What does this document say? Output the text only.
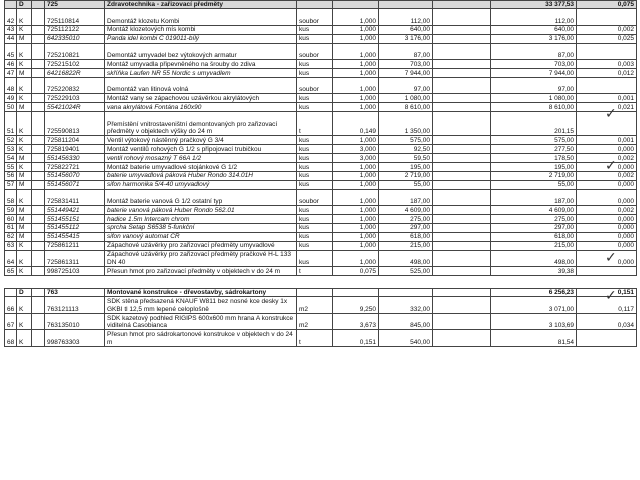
	D		725	Zdravotechnika - zařizovací předměty					33 377,53	0,075
42	K		725110814	Demontáž klozetu Kombi	soubor	1,000	112,00		112,00	
43	K		725112122	Montáž klozetových mís kombi	kus	1,000	640,00		640,00	0,002
44	M		642335010	Panda ideI kombi C 019011-bílý	kus	1,000	3 176,00		3 176,00	0,025
45	K		725210821	Demontáž umyvadel bez výtokových armatur	soubor	1,000	87,00		87,00	
46	K		725215102	Montáž umyvadla připevněného na šrouby do zdiva	kus	1,000	703,00		703,00	0,003
47	M		64216822R	skříňka Laufen NR 55 Nordic s umyvadlem	kus	1,000	7 944,00		7 944,00	0,012
48	K		725220832	Demontáž van litinová volná	soubor	1,000	97,00		97,00	
49	K		725229103	Montáž vany se zápachovou uzávěrkou akrylátových	kus	1,000	1 080,00		1 080,00	0,001
50	M		55421024R	vana akrylátová Fontána 160x90	kus	1,000	8 610,00		8 610,00	0,021
51	K		725590813	Přemístění vnitrostaveništní demontovaných pro zařizovací předměty v objektech výšky do 24 m	t	0,149	1 350,00		201,15	
52	K		725811204	Ventil výtokový nástěnný pračkový G 3/4	kus	1,000	575,00		575,00	0,001
53	K		725819401	Montáž ventilů rohových G 1/2 s připojovací trubičkou	kus	3,000	92,50		277,50	0,000
54	M		551456330	ventil rohový mosazný T 66A 1/2	kus	3,000	59,50		178,50	0,002
55	K		725822721	Montáž baterie umyvadlové stojánkové G 1/2	kus	1,000	195,00		195,00	0,000
56	M		551456070	baterie umyvadlová páková Huber Rondo 314.01H	kus	1,000	2 719,00		2 719,00	0,002
57	M		551456071	sifon harmonika 5/4-40 umyvadlový	kus	1,000	55,00		55,00	0,000
58	K		725831411	Montáž baterie vanová G 1/2 ostatní typ	soubor	1,000	187,00		187,00	0,000
59	M		551449421	baterie vanová páková Huber Rondo 562.01	kus	1,000	4 609,00		4 609,00	0,002
60	M		551455151	hadice 1.5m Intercam chrom	kus	1,000	275,00		275,00	0,000
61	M		551455112	sprcha Setap S6538 5-funkční	kus	1,000	297,00		297,00	0,000
62	M		551455415	sifon vanový automat CR	kus	1,000	618,00		618,00	0,000
63	K		725861211	Zápachové uzávěrky pro zařizovací předměty umyvadlové	kus	1,000	215,00		215,00	0,000
64	K		725861311	Zápachové uzávěrky pro zařizovací předměty pračkové H-L 133 DN 40	kus	1,000	498,00		498,00	0,000
65	K		998725103	Přesun hmot pro zařizovací předměty v objektech v do 24 m	t	0,075	525,00		39,38	

	D		763	Montované konstrukce - dřevostavby, sádrokartony					6 256,23	0,151
66	K		763121113	SDK stěna předsazená KNAUF W811 bez nosné kce desky 1x GKBI tl 12,5 mm lepené celoplošně	m2	9,250	332,00		3 071,00	0,117
67	K		763135010	SDK kazetový podhled RIGIPS 600x600 mm hrana A konstrukce viditelná Casobianca	m2	3,673	845,00		3 103,69	0,034
68	K		998763303	Přesun hmot pro sádrokartonové konstrukce v objektech v do 24 m	t	0,151	540,00		81,54	
✓
✓
✓
✓
